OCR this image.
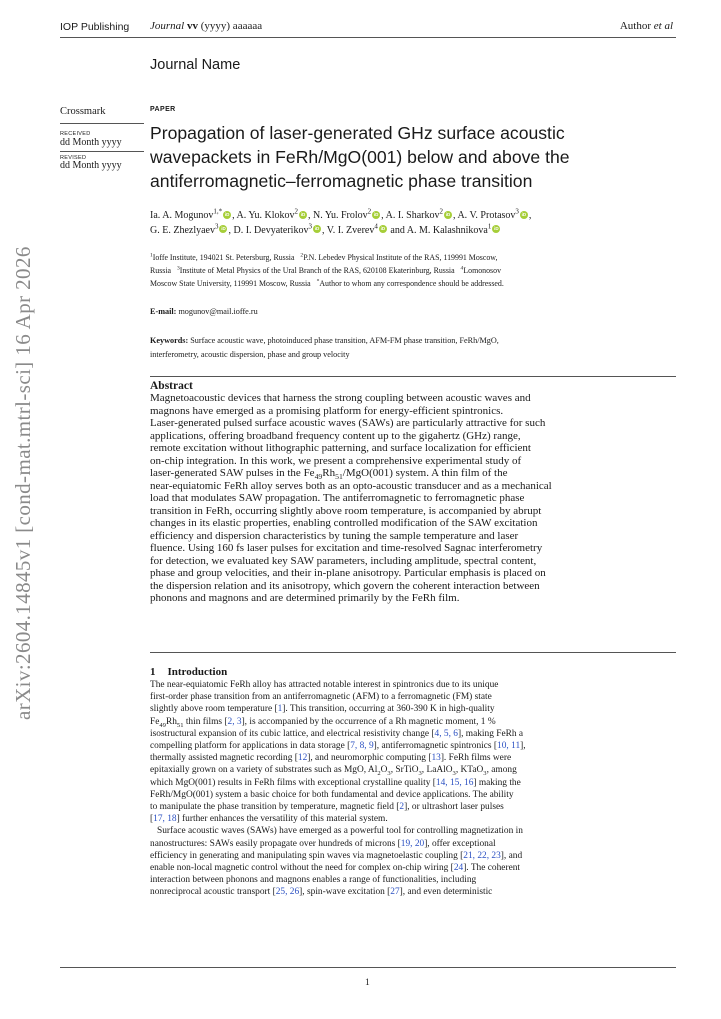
IOP Publishing Journal vv (yyyy) aaaaaa	Author et al
Journal Name
Crossmark
RECEIVED
dd Month yyyy
REVISED
dd Month yyyy
arXiv:2604.14845v1 [cond-mat.mtrl-sci] 16 Apr 2026
PAPER
Propagation of laser-generated GHz surface acoustic
wavepackets in FeRh/MgO(001) below and above the
antiferromagnetic–ferromagnetic phase transition
Ia. A. Mogunov$^{1,*}$ iD , A. Yu. Klokov$^2$ iD , N. Yu. Frolov$^2$ iD , A. I. Sharkov$^2$ iD , A. V. Protasov$^3$ iD ,
G. E. Zhezlyaev$^3$ iD , D. I. Devyaterikov$^3$ iD , V. I. Zverev$^4$iD and A. M. Kalashnikova$^1$iD
$^1$Ioffe Institute, 194021 St. Petersburg, Russia $^2$P.N. Lebedev Physical Institute of the RAS, 119991 Moscow,
Russia $^3$Institute of Metal Physics of the Ural Branch of the RAS, 620108 Ekaterinburg, Russia $^4$Lomonosov
Moscow State University, 119991 Moscow, Russia *Author to whom any correspondence should be addressed.
E-mail: mogunov@mail.ioffe.ru
Keywords: Surface acoustic wave, photoinduced phase transition, AFM-FM phase transition, FeRh/MgO,
interferometry, acoustic dispersion, phase and group velocity
Abstract
Magnetoacoustic devices that harness the strong coupling between acoustic waves and
magnons have emerged as a promising platform for energy-efficient spintronics.
Laser-generated pulsed surface acoustic waves (SAWs) are particularly attractive for such
applications, offering broadband frequency content up to the gigahertz (GHz) range,
remote excitation without lithographic patterning, and surface localization for efficient
on-chip integration. In this work, we present a comprehensive experimental study of
laser-generated SAW pulses in the $Fe_{49}Rh_{51}/MgO(001)$ system. A thin film of the
near-equiatomic FeRh alloy serves both as an opto-acoustic transducer and as a mechanical
load that modulates SAW propagation. The antiferromagnetic to ferromagnetic phase
transition in FeRh, occurring slightly above room temperature, is accompanied by abrupt
changes in its elastic properties, enabling controlled modification of the SAW excitation
efficiency and dispersion characteristics by tuning the sample temperature and laser
fluence. Using 160 fs laser pulses for excitation and time-resolved Sagnac interferometry
for detection, we evaluated key SAW parameters, including amplitude, spectral content,
phase and group velocities, and their in-plane anisotropy. Particular emphasis is placed on
the dispersion relation and its anisotropy, which govern the coherent interaction between
phonons and magnons and are determined primarily by the FeRh film.
1 Introduction
The near-equiatomic FeRh alloy has attracted notable interest in spintronics due to its unique
first-order phase transition from an antiferromagnetic (AFM) to a ferromagnetic (FM) state
slightly above room temperature [1]. This transition, occurring at 360-390 K in high-quality
$Fe_{49}Rh_{51}$ thin films [2, 3], is accompanied by the occurrence of a Rh magnetic moment, 1 %
isostructural expansion of its cubic lattice, and electrical resistivity change [4, 5, 6], making FeRh a
compelling platform for applications in data storage [7, 8, 9], antiferromagnetic spintronics [10, 11],
thermally assisted magnetic recording [12], and neuromorphic computing [13]. FeRh films were
epitaxially grown on a variety of substrates such as MgO, $Al_2O_3$, SrTiO$_3$, LaAlO$_3$, KTaO$_3$, among
which MgO(001) results in FeRh films with exceptional crystalline quality [14, 15, 16] making the
FeRh/MgO(001) system a basic choice for both fundamental and device applications. The ability
to manipulate the phase transition by temperature, magnetic field [2], or ultrashort laser pulses
[17, 18] further enhances the versatility of this material system.
Surface acoustic waves (SAWs) have emerged as a powerful tool for controlling magnetization in
nanostructures: SAWs easily propagate over hundreds of microns [19, 20], offer exceptional
efficiency in generating and manipulating spin waves via magnetoelastic coupling [21, 22, 23], and
enable non-local magnetic control without the need for complex on-chip wiring [24]. The coherent
interaction between phonons and magnons enables a range of functionalities, including
nonreciprocal acoustic transport [25, 26], spin-wave excitation [27], and even deterministic
1
